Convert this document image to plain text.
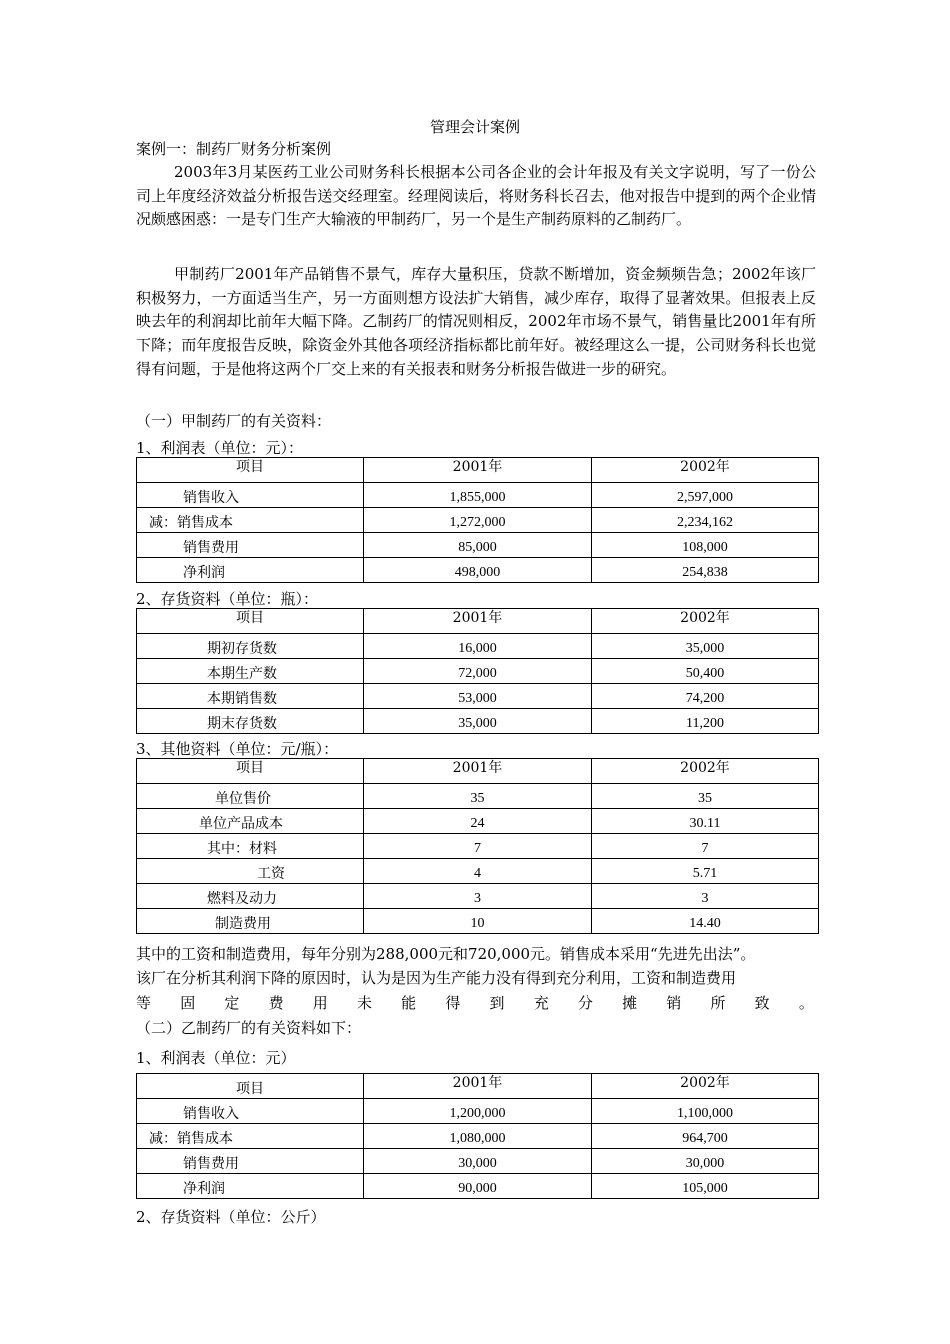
管理会计案例
案例一：制药厂财务分析案例
2003年3月某医药工业公司财务科长根据本公司各企业的会计年报及有关文字说明，写了一份公司上年度经济效益分析报告送交经理室。经理阅读后，将财务科长召去，他对报告中提到的两个企业情况颇感困惑：一是专门生产大输液的甲制药厂，另一个是生产制药原料的乙制药厂。
甲制药厂2001年产品销售不景气，库存大量积压，贷款不断增加，资金频频告急；2002年该厂积极努力，一方面适当生产，另一方面则想方设法扩大销售，减少库存，取得了显著效果。但报表上反映去年的利润却比前年大幅下降。乙制药厂的情况则相反，2002年市场不景气，销售量比2001年有所下降；而年度报告反映，除资金外其他各项经济指标都比前年好。被经理这么一提，公司财务科长也觉得有问题，于是他将这两个厂交上来的有关报表和财务分析报告做进一步的研究。
（一）甲制药厂的有关资料：
1、利润表（单位：元）：
项目	2001年	2002年
销售收入	1,855,000	2,597,000
减：销售成本	1,272,000	2,234,162
销售费用	85,000	108,000
净利润	498,000	254,838
2、存货资料（单位：瓶）：
项目	2001年	2002年
期初存货数	16,000	35,000
本期生产数	72,000	50,400
本期销售数	53,000	74,200
期末存货数	35,000	11,200
3、其他资料（单位：元/瓶）：
项目	2001年	2002年
单位售价	35	35
单位产品成本	24	30.11
其中：材料	7	7
工资	4	5.71
燃料及动力	3	3
制造费用	10	14.40
其中的工资和制造费用，每年分别为288,000元和720,000元。销售成本采用“先进先出法”。
该厂在分析其利润下降的原因时，认为是因为生产能力没有得到充分利用，工资和制造费用
等 固 定 费 用 未 能 得 到 充 分 摊 销 所 致 。
（二）乙制药厂的有关资料如下：
1、利润表（单位：元）
项目	2001年	2002年
销售收入	1,200,000	1,100,000
减：销售成本	1,080,000	964,700
销售费用	30,000	30,000
净利润	90,000	105,000
2、存货资料（单位：公斤）
